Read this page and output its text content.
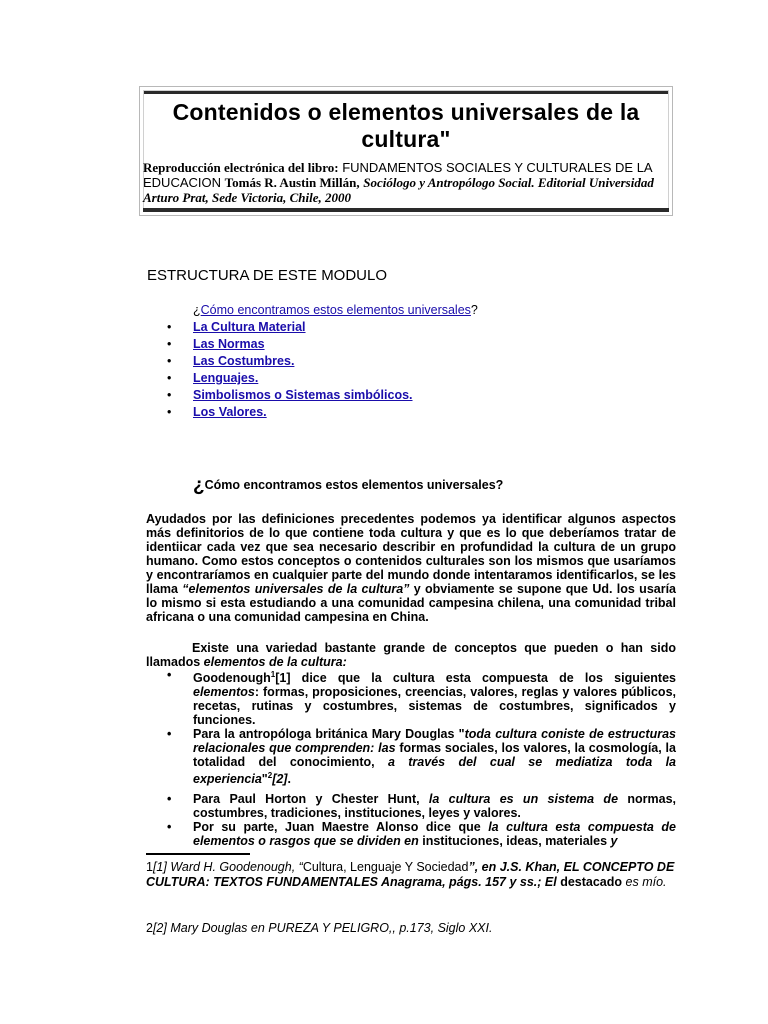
Contenidos o elementos universales de la cultura"
Reproducción electrónica del libro: FUNDAMENTOS SOCIALES Y CULTURALES DE LA EDUCACION Tomás R. Austin Millán, Sociólogo y Antropólogo Social. Editorial Universidad Arturo Prat, Sede Victoria, Chile, 2000
ESTRUCTURA DE ESTE MODULO
¿Cómo encontramos estos elementos universales?
• La Cultura Material
• Las Normas
• Las Costumbres.
• Lenguajes.
• Simbolismos o Sistemas simbólicos.
• Los Valores.
¿Cómo encontramos estos elementos universales?

Ayudados por las definiciones precedentes podemos ya identificar algunos aspectos más definitorios de lo que contiene toda cultura y que es lo que deberíamos tratar de identiicar cada vez que sea necesario describir en profundidad la cultura de un grupo humano. Como estos conceptos o contenidos culturales son los mismos que usaríamos y encontraríamos en cualquier parte del mundo donde intentaramos identificarlos, se les llama “elementos universales de la cultura” y obviamente se supone que Ud. los usaría lo mismo si esta estudiando a una comunidad campesina chilena, una comunidad tribal africana o una comunidad campesina en China.

Existe una variedad bastante grande de conceptos que pueden o han sido llamados elementos de la cultura:

• Goodenough$^1$[1] dice que la cultura esta compuesta de los siguientes elementos: formas, proposiciones, creencias, valores, reglas y valores públicos, recetas, rutinas y costumbres, sistemas de costumbres, significados y funciones.
• Para la antropóloga británica Mary Douglas "toda cultura coniste de estructuras relacionales que comprenden: las formas sociales, los valores, la cosmología, la totalidad del conocimiento, a través del cual se mediatiza toda la experiencia"$^2$[2].
• Para Paul Horton y Chester Hunt, la cultura es un sistema de normas, costumbres, tradiciones, instituciones, leyes y valores.
• Por su parte, Juan Maestre Alonso dice que la cultura esta compuesta de elementos o rasgos que se dividen en instituciones, ideas, materiales y
1[1] Ward H. Goodenough, “Cultura, Lenguaje Y Sociedad”, en J.S. Khan, EL CONCEPTO DE CULTURA: TEXTOS FUNDAMENTALES Anagrama, págs. 157 y ss.; El destacado es mío.
2[2] Mary Douglas en PUREZA Y PELIGRO,, p.173, Siglo XXI.
